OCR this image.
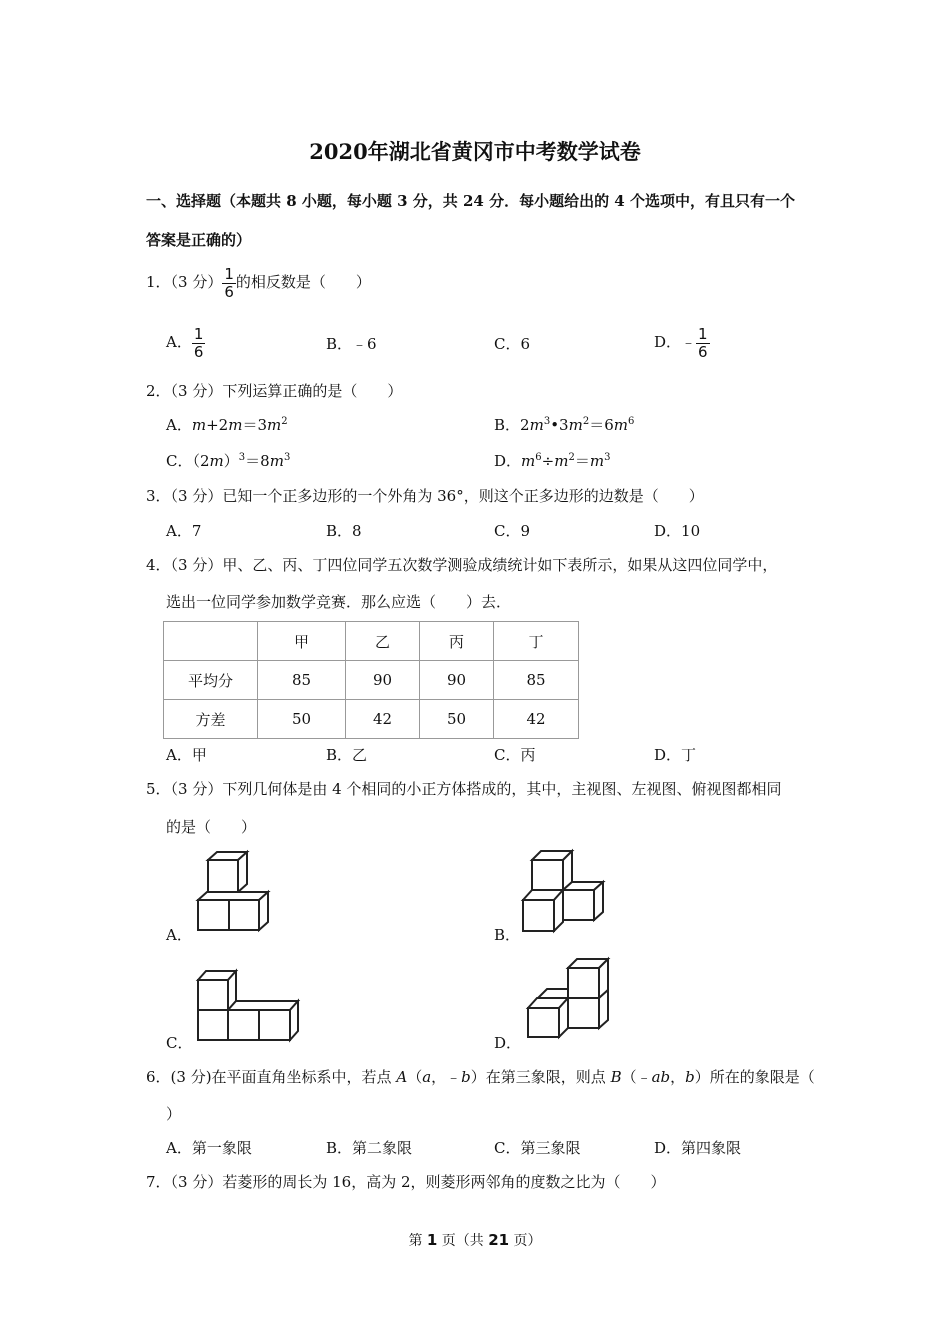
2020年湖北省黄冈市中考数学试卷
一、选择题（本题共 8 小题，每小题 3 分，共 24 分．每小题给出的 4 个选项中，有且只有一个
答案是正确的）
1．（3 分） $\frac{1}{6}$ 的相反数是（　　）
A． $\frac{1}{6}$	B．﹣6	C．6	D．﹣ $\frac{1}{6}$
2．（3 分）下列运算正确的是（　　）
A．$m+2m=3m^2$	B．$2m^3•3m^2=6m^6$
C．$(2m)^3=8m^3$	D．$m^6\div m^2=m^3$
3．（3 分）已知一个正多边形的一个外角为 36°，则这个正多边形的边数是（　　）
A．7	B．8	C．9	D．10
4．（3 分）甲、乙、丙、丁四位同学五次数学测验成绩统计如下表所示，如果从这四位同学中，
选出一位同学参加数学竞赛．那么应选（　　）去．
	甲	乙	丙	丁
平均分	85	90	90	85
方差	50	42	50	42
A．甲	B．乙	C．丙	D．丁
5．（3 分）下列几何体是由 4 个相同的小正方体搭成的，其中，主视图、左视图、俯视图都相同
的是（　　）
A．	B．
C．	D．
6．(3 分)在平面直角坐标系中，若点 A（a，﹣b）在第三象限，则点 B（﹣ab，b）所在的象限是（
）
A．第一象限	B．第二象限	C．第三象限	D．第四象限
7．（3 分）若菱形的周长为 16，高为 2，则菱形两邻角的度数之比为（　　）
第 1 页（共 21 页）
